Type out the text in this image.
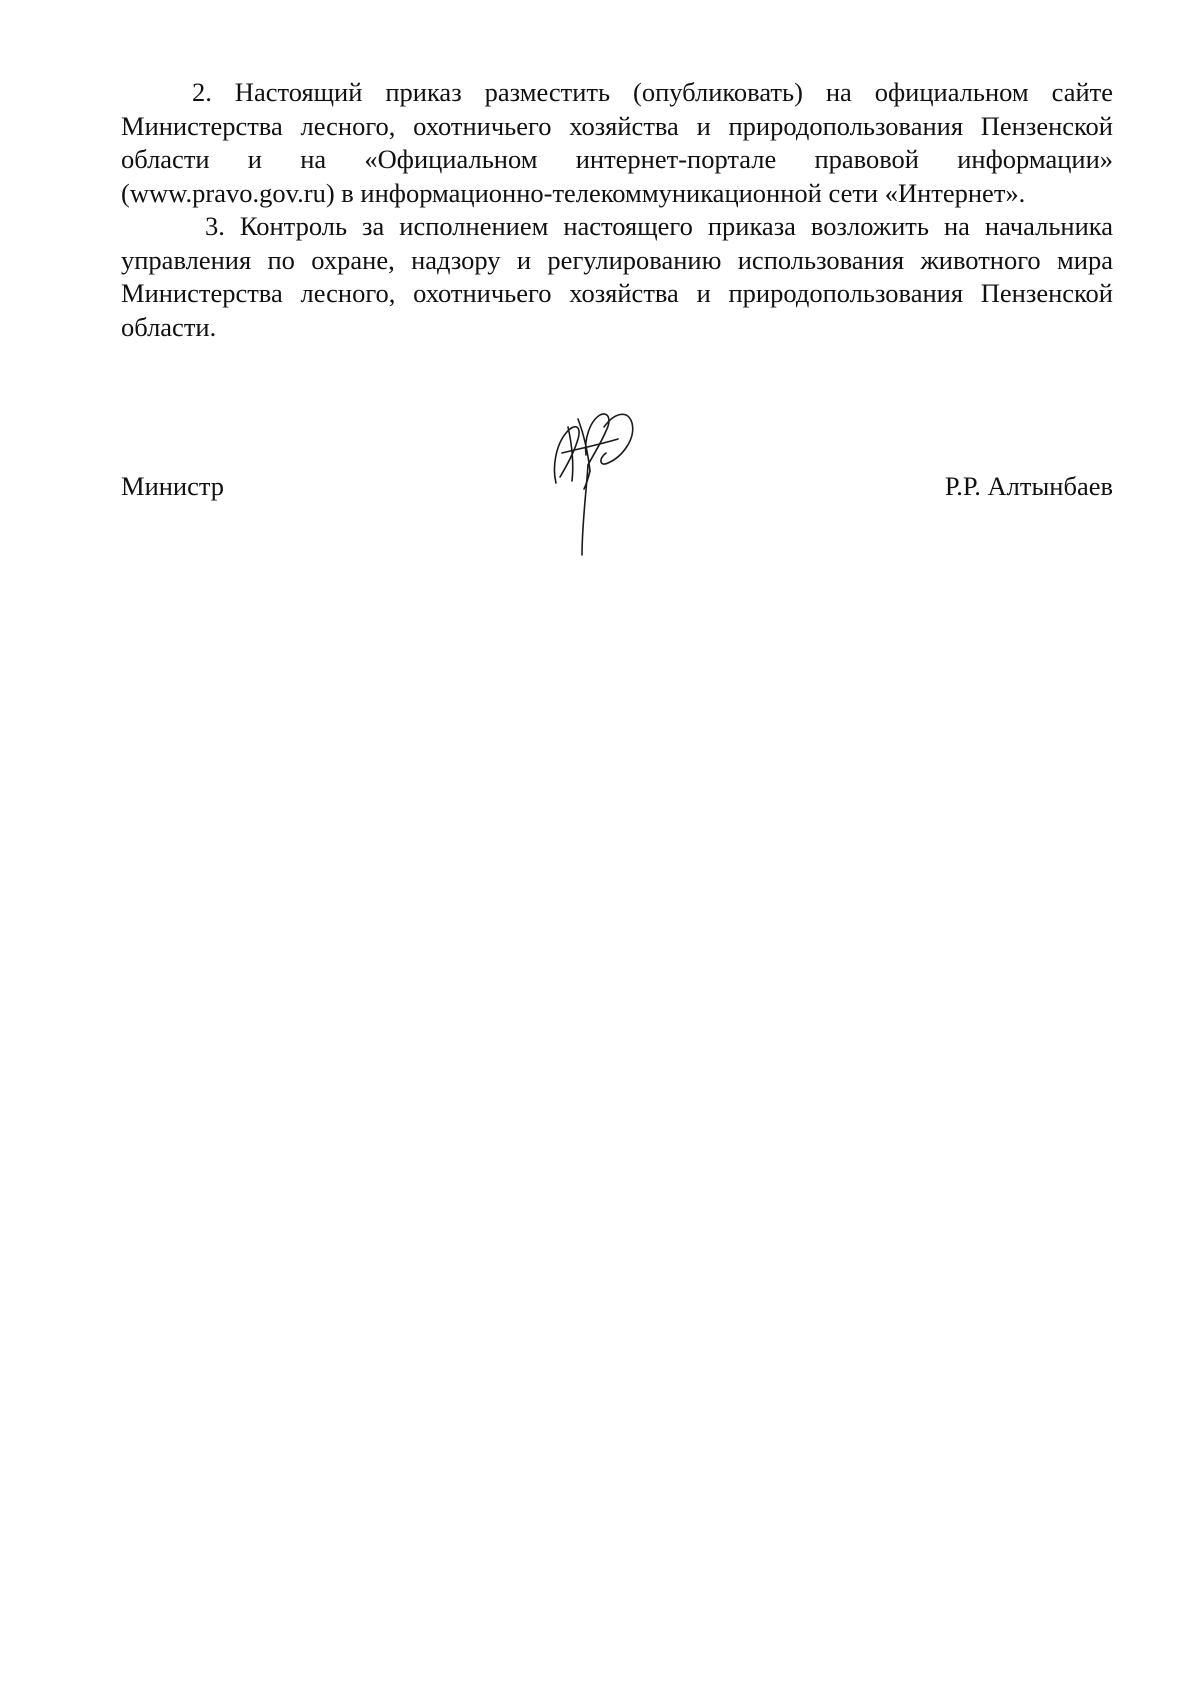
2. Настоящий приказ разместить (опубликовать) на официальном сайте Министерства лесного, охотничьего хозяйства и природопользования Пензенской области и на «Официальном интернет-портале правовой информации» (www.pravo.gov.ru) в информационно-телекоммуникационной сети «Интернет».

3. Контроль за исполнением настоящего приказа возложить на начальника управления по охране, надзору и регулированию использования животного мира Министерства лесного, охотничьего хозяйства и природопользования Пензенской области.

Министр	Р.Р. Алтынбаев
